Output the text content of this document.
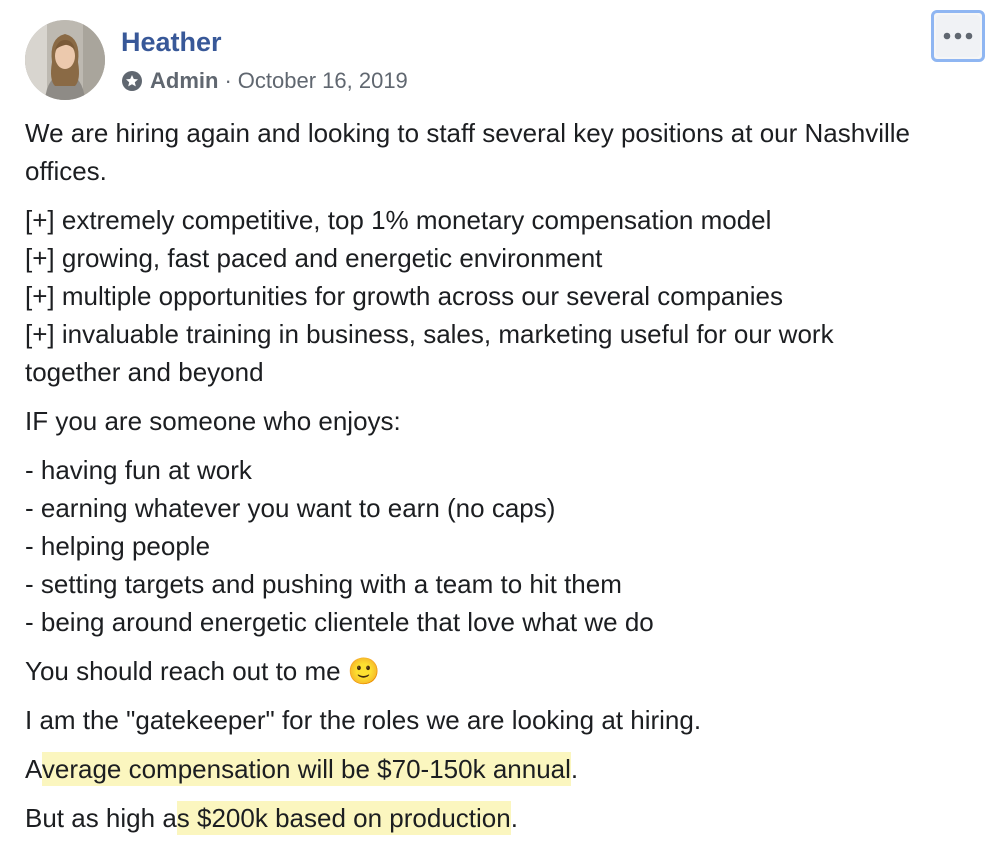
Heather
Admin · October 16, 2019

We are hiring again and looking to staff several key positions at our Nashville offices.

[+] extremely competitive, top 1% monetary compensation model
[+] growing, fast paced and energetic environment
[+] multiple opportunities for growth across our several companies
[+] invaluable training in business, sales, marketing useful for our work together and beyond

IF you are someone who enjoys:

- having fun at work
- earning whatever you want to earn (no caps)
- helping people
- setting targets and pushing with a team to hit them
- being around energetic clientele that love what we do

You should reach out to me 🙂

I am the "gatekeeper" for the roles we are looking at hiring.

Average compensation will be $70-150k annual.

But as high as $200k based on production.
